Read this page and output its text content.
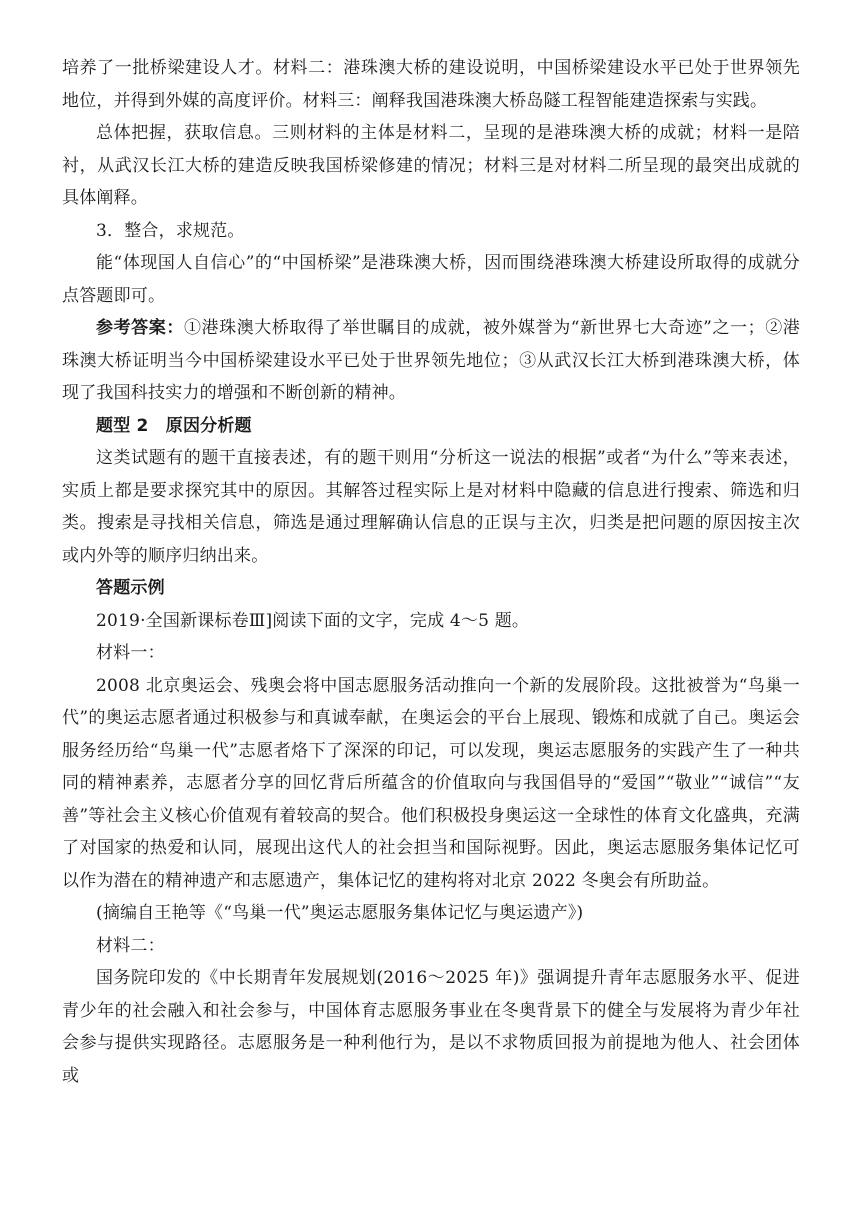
培养了一批桥梁建设人才。材料二：港珠澳大桥的建设说明，中国桥梁建设水平已处于世界领先地位，并得到外媒的高度评价。材料三：阐释我国港珠澳大桥岛隧工程智能建造探索与实践。

总体把握，获取信息。三则材料的主体是材料二，呈现的是港珠澳大桥的成就；材料一是陪衬，从武汉长江大桥的建造反映我国桥梁修建的情况；材料三是对材料二所呈现的最突出成就的具体阐释。

3．整合，求规范。

能“体现国人自信心”的“中国桥梁”是港珠澳大桥，因而围绕港珠澳大桥建设所取得的成就分点答题即可。

参考答案：①港珠澳大桥取得了举世瞩目的成就，被外媒誉为“新世界七大奇迹”之一；②港珠澳大桥证明当今中国桥梁建设水平已处于世界领先地位；③从武汉长江大桥到港珠澳大桥，体现了我国科技实力的增强和不断创新的精神。

题型 2　原因分析题

这类试题有的题干直接表述，有的题干则用“分析这一说法的根据”或者“为什么”等来表述，实质上都是要求探究其中的原因。其解答过程实际上是对材料中隐藏的信息进行搜索、筛选和归类。搜索是寻找相关信息，筛选是通过理解确认信息的正误与主次，归类是把问题的原因按主次或内外等的顺序归纳出来。

答题示例

2019·全国新课标卷Ⅲ]阅读下面的文字，完成 4～5 题。

材料一：

2008 北京奥运会、残奥会将中国志愿服务活动推向一个新的发展阶段。这批被誉为“鸟巢一代”的奥运志愿者通过积极参与和真诚奉献，在奥运会的平台上展现、锻炼和成就了自己。奥运会服务经历给“鸟巢一代”志愿者烙下了深深的印记，可以发现，奥运志愿服务的实践产生了一种共同的精神素养，志愿者分享的回忆背后所蕴含的价值取向与我国倡导的“爱国”“敬业”“诚信”“友善”等社会主义核心价值观有着较高的契合。他们积极投身奥运这一全球性的体育文化盛典，充满了对国家的热爱和认同，展现出这代人的社会担当和国际视野。因此，奥运志愿服务集体记忆可以作为潜在的精神遗产和志愿遗产，集体记忆的建构将对北京 2022 冬奥会有所助益。

(摘编自王艳等《“鸟巢一代”奥运志愿服务集体记忆与奥运遗产》)

材料二：

国务院印发的《中长期青年发展规划(2016～2025 年)》强调提升青年志愿服务水平、促进青少年的社会融入和社会参与，中国体育志愿服务事业在冬奥背景下的健全与发展将为青少年社会参与提供实现路径。志愿服务是一种利他行为，是以不求物质回报为前提地为他人、社会团体或
